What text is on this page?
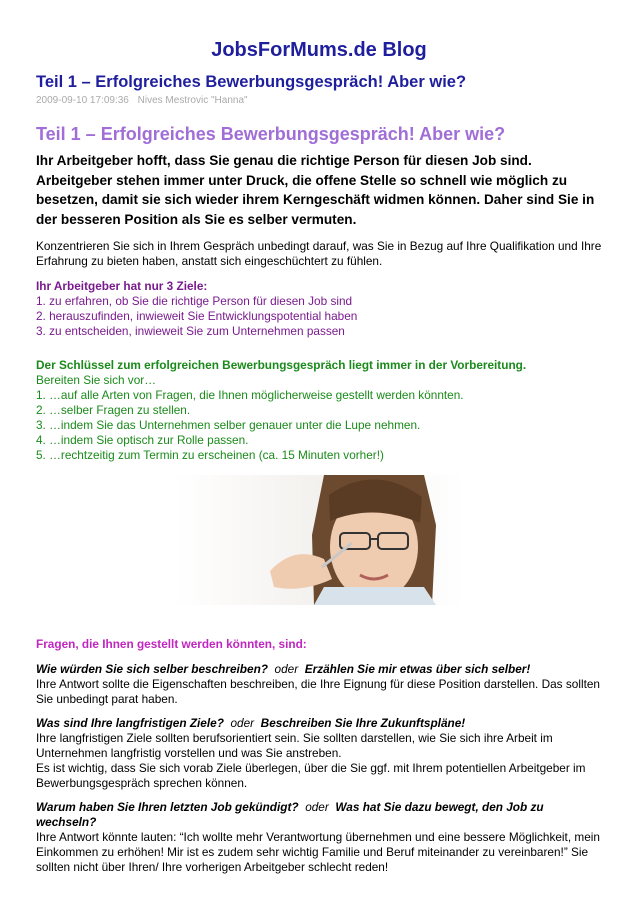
JobsForMums.de Blog
Teil 1 – Erfolgreiches Bewerbungsgespräch! Aber wie?
2009-09-10 17:09:36 Nives Mestrovic "Hanna"
Teil 1 – Erfolgreiches Bewerbungsgespräch! Aber wie?
Ihr Arbeitgeber hofft, dass Sie genau die richtige Person für diesen Job sind. Arbeitgeber stehen immer unter Druck, die offene Stelle so schnell wie möglich zu besetzen, damit sie sich wieder ihrem Kerngeschäft widmen können. Daher sind Sie in der besseren Position als Sie es selber vermuten.
Konzentrieren Sie sich in Ihrem Gespräch unbedingt darauf, was Sie in Bezug auf Ihre Qualifikation und Ihre Erfahrung zu bieten haben, anstatt sich eingeschüchtert zu fühlen.
Ihr Arbeitgeber hat nur 3 Ziele:
1. zu erfahren, ob Sie die richtige Person für diesen Job sind
2. herauszufinden, inwieweit Sie Entwicklungspotential haben
3. zu entscheiden, inwieweit Sie zum Unternehmen passen
Der Schlüssel zum erfolgreichen Bewerbungsgespräch liegt immer in der Vorbereitung.
Bereiten Sie sich vor…
1. …auf alle Arten von Fragen, die Ihnen möglicherweise gestellt werden könnten.
2. …selber Fragen zu stellen.
3. …indem Sie das Unternehmen selber genauer unter die Lupe nehmen.
4. …indem Sie optisch zur Rolle passen.
5. …rechtzeitig zum Termin zu erscheinen (ca. 15 Minuten vorher!)
Fragen, die Ihnen gestellt werden könnten, sind:
Wie würden Sie sich selber beschreiben? oder Erzählen Sie mir etwas über sich selber!
Ihre Antwort sollte die Eigenschaften beschreiben, die Ihre Eignung für diese Position darstellen. Das sollten Sie unbedingt parat haben.
Was sind Ihre langfristigen Ziele? oder Beschreiben Sie Ihre Zukunftspläne!
Ihre langfristigen Ziele sollten berufsorientiert sein. Sie sollten darstellen, wie Sie sich ihre Arbeit im Unternehmen langfristig vorstellen und was Sie anstreben.
Es ist wichtig, dass Sie sich vorab Ziele überlegen, über die Sie ggf. mit Ihrem potentiellen Arbeitgeber im Bewerbungsgespräch sprechen können.
Warum haben Sie Ihren letzten Job gekündigt? oder Was hat Sie dazu bewegt, den Job zu wechseln?
Ihre Antwort könnte lauten: “Ich wollte mehr Verantwortung übernehmen und eine bessere Möglichkeit, mein Einkommen zu erhöhen! Mir ist es zudem sehr wichtig Familie und Beruf miteinander zu vereinbaren!” Sie sollten nicht über Ihren/ Ihre vorherigen Arbeitgeber schlecht reden!
